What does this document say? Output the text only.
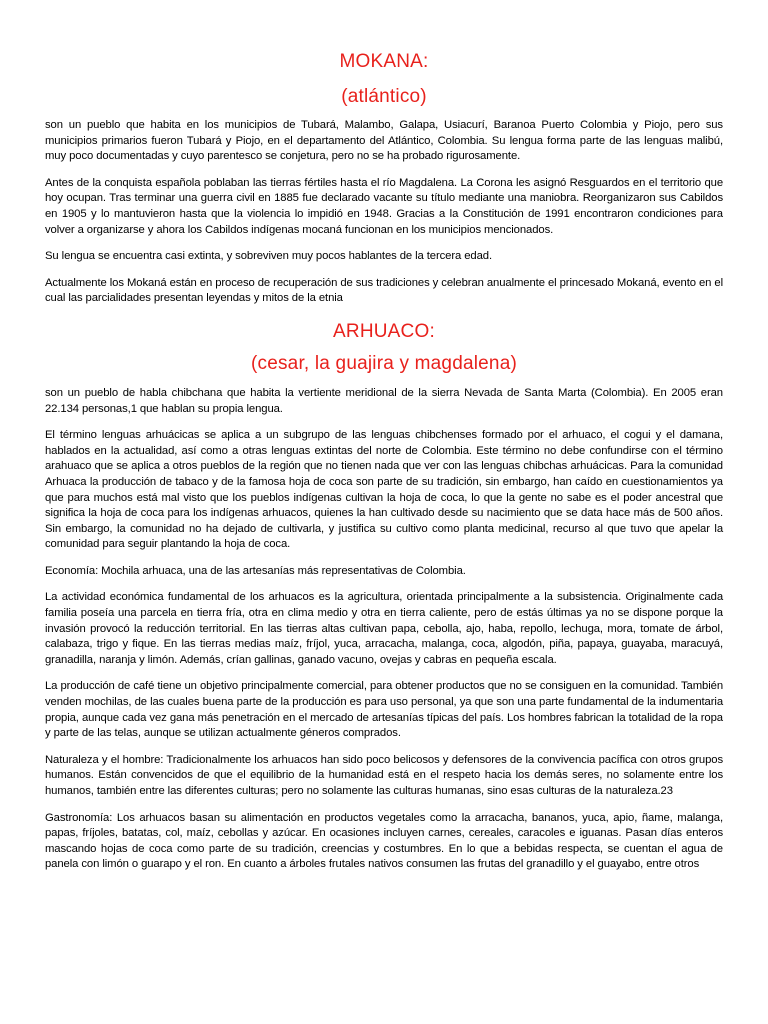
MOKANA:
(atlántico)

son un pueblo que habita en los municipios de Tubará, Malambo, Galapa, Usiacurí, Baranoa Puerto Colombia y Piojo, pero sus municipios primarios fueron Tubará y Piojo, en el departamento del Atlántico, Colombia. Su lengua forma parte de las lenguas malibú, muy poco documentadas y cuyo parentesco se conjetura, pero no se ha probado rigurosamente.

Antes de la conquista española poblaban las tierras fértiles hasta el río Magdalena. La Corona les asignó Resguardos en el territorio que hoy ocupan. Tras terminar una guerra civil en 1885 fue declarado vacante su título mediante una maniobra. Reorganizaron sus Cabildos en 1905 y lo mantuvieron hasta que la violencia lo impidió en 1948. Gracias a la Constitución de 1991 encontraron condiciones para volver a organizarse y ahora los Cabildos indígenas mocaná funcionan en los municipios mencionados.

Su lengua se encuentra casi extinta, y sobreviven muy pocos hablantes de la tercera edad.

Actualmente los Mokaná están en proceso de recuperación de sus tradiciones y celebran anualmente el princesado Mokaná, evento en el cual las parcialidades presentan leyendas y mitos de la etnia

ARHUACO:
(cesar, la guajira y magdalena)

son un pueblo de habla chibchana que habita la vertiente meridional de la sierra Nevada de Santa Marta (Colombia). En 2005 eran 22.134 personas,1 que hablan su propia lengua.

El término lenguas arhuácicas se aplica a un subgrupo de las lenguas chibchenses formado por el arhuaco, el cogui y el damana, hablados en la actualidad, así como a otras lenguas extintas del norte de Colombia. Este término no debe confundirse con el término arahuaco que se aplica a otros pueblos de la región que no tienen nada que ver con las lenguas chibchas arhuácicas. Para la comunidad Arhuaca la producción de tabaco y de la famosa hoja de coca son parte de su tradición, sin embargo, han caído en cuestionamientos ya que para muchos está mal visto que los pueblos indígenas cultivan la hoja de coca, lo que la gente no sabe es el poder ancestral que significa la hoja de coca para los indígenas arhuacos, quienes la han cultivado desde su nacimiento que se data hace más de 500 años. Sin embargo, la comunidad no ha dejado de cultivarla, y justifica su cultivo como planta medicinal, recurso al que tuvo que apelar la comunidad para seguir plantando la hoja de coca.

Economía: Mochila arhuaca, una de las artesanías más representativas de Colombia.

La actividad económica fundamental de los arhuacos es la agricultura, orientada principalmente a la subsistencia. Originalmente cada familia poseía una parcela en tierra fría, otra en clima medio y otra en tierra caliente, pero de estás últimas ya no se dispone porque la invasión provocó la reducción territorial. En las tierras altas cultivan papa, cebolla, ajo, haba, repollo, lechuga, mora, tomate de árbol, calabaza, trigo y fique. En las tierras medias maíz, fríjol, yuca, arracacha, malanga, coca, algodón, piña, papaya, guayaba, maracuyá, granadilla, naranja y limón. Además, crían gallinas, ganado vacuno, ovejas y cabras en pequeña escala.

La producción de café tiene un objetivo principalmente comercial, para obtener productos que no se consiguen en la comunidad. También venden mochilas, de las cuales buena parte de la producción es para uso personal, ya que son una parte fundamental de la indumentaria propia, aunque cada vez gana más penetración en el mercado de artesanías típicas del país. Los hombres fabrican la totalidad de la ropa y parte de las telas, aunque se utilizan actualmente géneros comprados.

Naturaleza y el hombre: Tradicionalmente los arhuacos han sido poco belicosos y defensores de la convivencia pacífica con otros grupos humanos. Están convencidos de que el equilibrio de la humanidad está en el respeto hacia los demás seres, no solamente entre los humanos, también entre las diferentes culturas; pero no solamente las culturas humanas, sino esas culturas de la naturaleza.23

Gastronomía: Los arhuacos basan su alimentación en productos vegetales como la arracacha, bananos, yuca, apio, ñame, malanga, papas, fríjoles, batatas, col, maíz, cebollas y azúcar. En ocasiones incluyen carnes, cereales, caracoles e iguanas. Pasan días enteros mascando hojas de coca como parte de su tradición, creencias y costumbres. En lo que a bebidas respecta, se cuentan el agua de panela con limón o guarapo y el ron. En cuanto a árboles frutales nativos consumen las frutas del granadillo y el guayabo, entre otros
